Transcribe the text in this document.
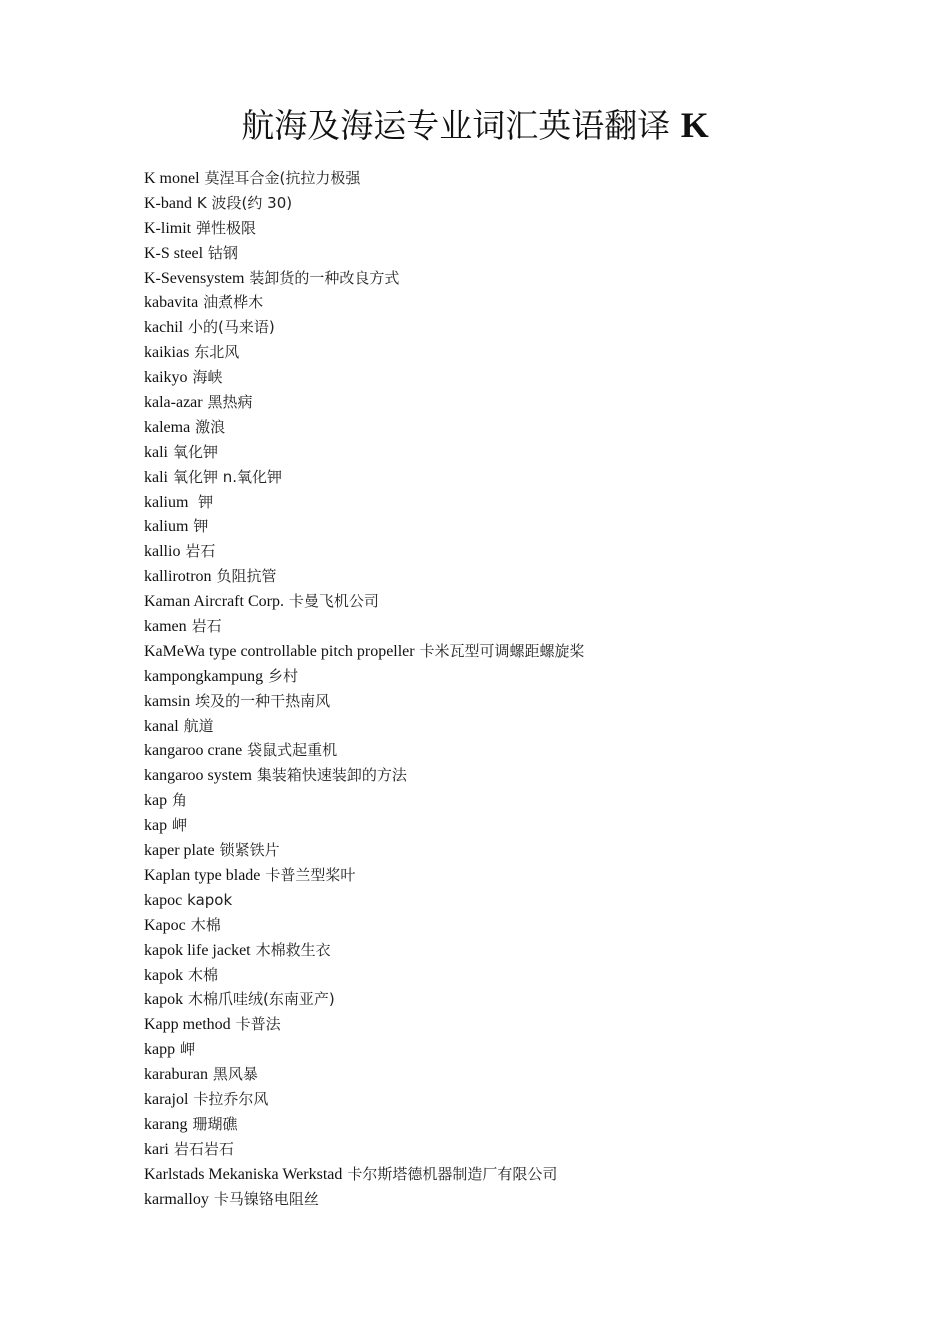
航海及海运专业词汇英语翻译 K
K monel 莫涅耳合金(抗拉力极强
K-band K 波段(约 30)
K-limit 弹性极限
K-S steel 钴钢
K-Sevensystem 装卸货的一种改良方式
kabavita 油煮桦木
kachil 小的(马来语)
kaikias 东北风
kaikyo 海峡
kala-azar 黑热病
kalema 激浪
kali 氧化钾
kali 氧化钾 n.氧化钾
kalium  钾
kalium 钾
kallio 岩石
kallirotron 负阻抗管
Kaman Aircraft Corp. 卡曼飞机公司
kamen 岩石
KaMeWa type controllable pitch propeller 卡米瓦型可调螺距螺旋桨
kampongkampung 乡村
kamsin 埃及的一种干热南风
kanal 航道
kangaroo crane 袋鼠式起重机
kangaroo system 集装箱快速装卸的方法
kap 角
kap 岬
kaper plate 锁紧铁片
Kaplan type blade 卡普兰型桨叶
kapoc kapok
Kapoc 木棉
kapok life jacket 木棉救生衣
kapok 木棉
kapok 木棉爪哇绒(东南亚产)
Kapp method 卡普法
kapp 岬
karaburan 黑风暴
karajol 卡拉乔尔风
karang 珊瑚礁
kari 岩石岩石
Karlstads Mekaniska Werkstad 卡尔斯塔德机器制造厂有限公司
karmalloy 卡马镍铬电阻丝
